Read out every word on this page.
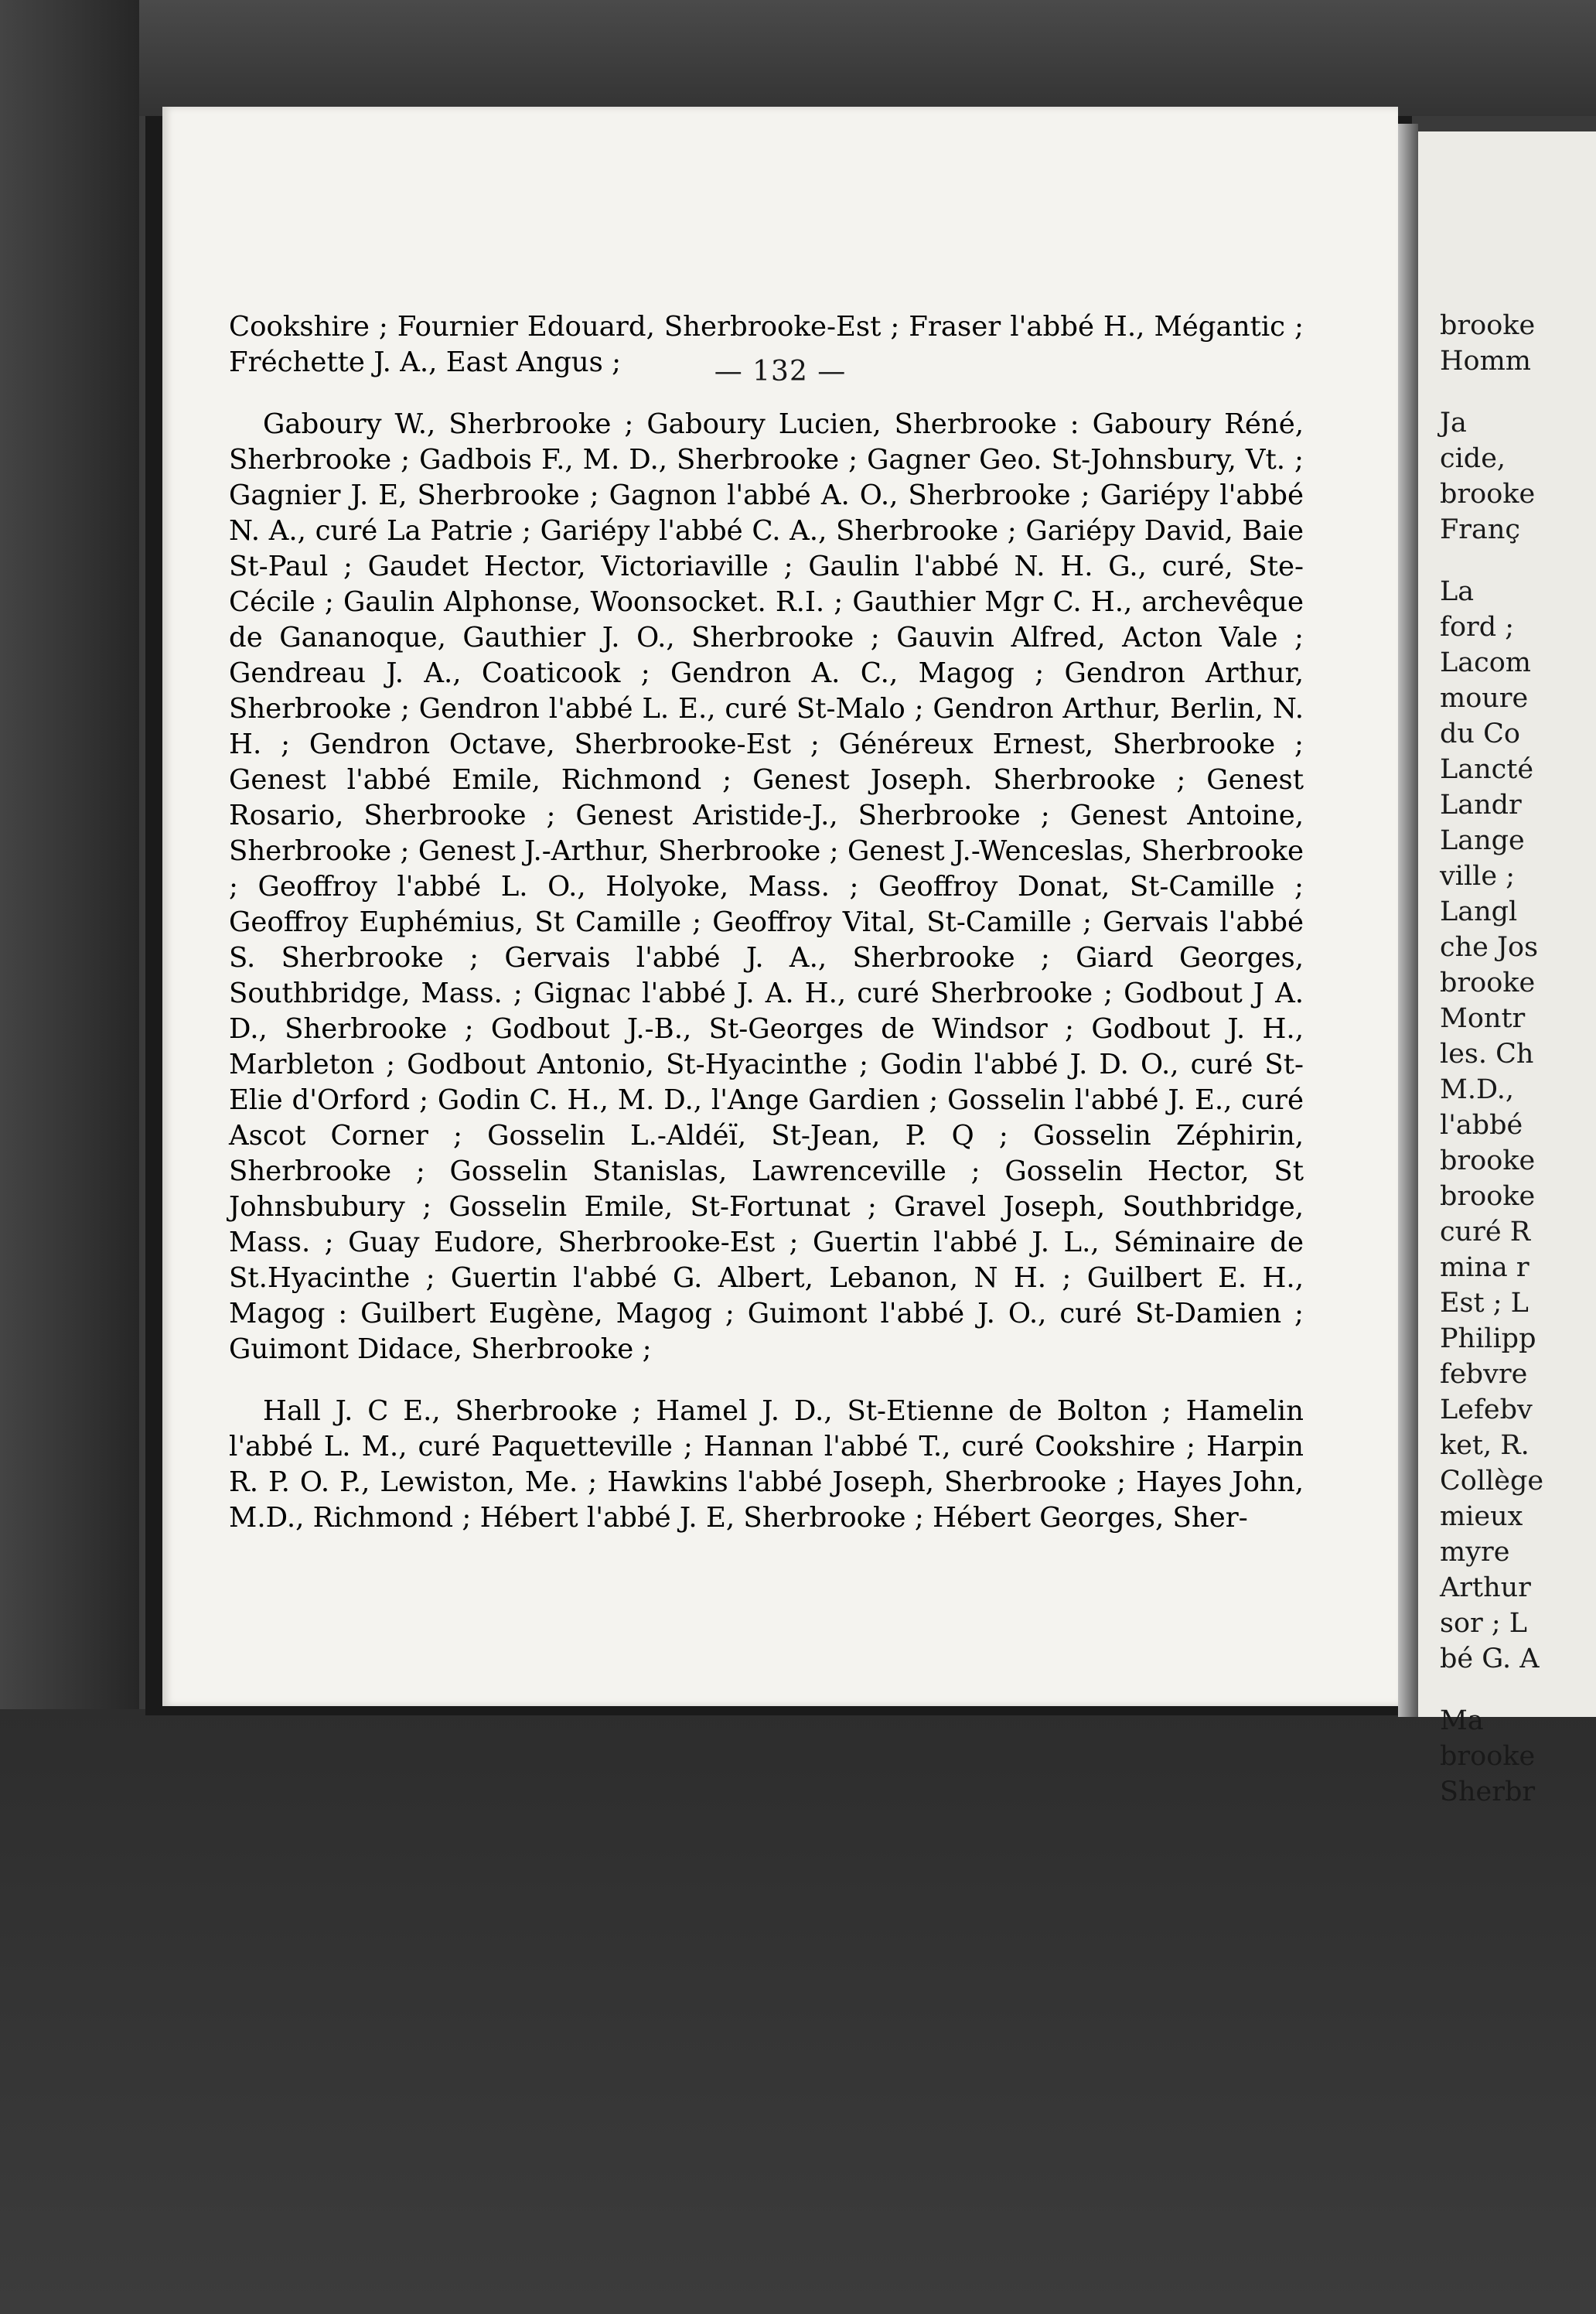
— 132 —

Cookshire ; Fournier Edouard, Sherbrooke-Est ; Fraser l'abbé H., Mégantic ; Fréchette J. A., East Angus ;

Gaboury W., Sherbrooke ; Gaboury Lucien, Sherbrooke : Gaboury Réné, Sherbrooke ; Gadbois F., M. D., Sherbrooke ; Gagner Geo. St-Johnsbury, Vt. ; Gagnier J. E, Sherbrooke ; Gagnon l'abbé A. O., Sherbrooke ; Gariépy l'abbé N. A., curé La Patrie ; Gariépy l'abbé C. A., Sherbrooke ; Gariépy David, Baie St-Paul ; Gaudet Hector, Victoriaville ; Gaulin l'abbé N. H. G., curé, Ste-Cécile ; Gaulin Alphonse, Woonsocket. R.I. ; Gauthier Mgr C. H., archevêque de Gananoque, Gauthier J. O., Sherbrooke ; Gauvin Alfred, Acton Vale ; Gendreau J. A., Coaticook ; Gendron A. C., Magog ; Gendron Arthur, Sherbrooke ; Gendron l'abbé L. E., curé St-Malo ; Gendron Arthur, Berlin, N. H. ; Gendron Octave, Sherbrooke-Est ; Généreux Ernest, Sherbrooke ; Genest l'abbé Emile, Richmond ; Genest Joseph. Sherbrooke ; Genest Rosario, Sherbrooke ; Genest Aristide-J., Sherbrooke ; Genest Antoine, Sherbrooke ; Genest J.-Arthur, Sherbrooke ; Genest J.-Wenceslas, Sherbrooke ; Geoffroy l'abbé L. O., Holyoke, Mass. ; Geoffroy Donat, St-Camille ; Geoffroy Euphémius, St Camille ; Geoffroy Vital, St-Camille ; Gervais l'abbé S. Sherbrooke ; Gervais l'abbé J. A., Sherbrooke ; Giard Georges, Southbridge, Mass. ; Gignac l'abbé J. A. H., curé Sherbrooke ; Godbout J A. D., Sherbrooke ; Godbout J.-B., St-Georges de Windsor ; Godbout J. H., Marbleton ; Godbout Antonio, St-Hyacinthe ; Godin l'abbé J. D. O., curé St-Elie d'Orford ; Godin C. H., M. D., l'Ange Gardien ; Gosselin l'abbé J. E., curé Ascot Corner ; Gosselin L.-Aldéï, St-Jean, P. Q ; Gosselin Zéphirin, Sherbrooke ; Gosselin Stanislas, Lawrenceville ; Gosselin Hector, St Johnsbubury ; Gosselin Emile, St-Fortunat ; Gravel Joseph, Southbridge, Mass. ; Guay Eudore, Sherbrooke-Est ; Guertin l'abbé J. L., Séminaire de St.Hyacinthe ; Guertin l'abbé G. Albert, Lebanon, N H. ; Guilbert E. H., Magog : Guilbert Eugène, Magog ; Guimont l'abbé J. O., curé St-Damien ; Guimont Didace, Sherbrooke ;

Hall J. C E., Sherbrooke ; Hamel J. D., St-Etienne de Bolton ; Hamelin l'abbé L. M., curé Paquetteville ; Hannan l'abbé T., curé Cookshire ; Harpin R. P. O. P., Lewiston, Me. ; Hawkins l'abbé Joseph, Sherbrooke ; Hayes John, M.D., Richmond ; Hébert l'abbé J. E, Sherbrooke ; Hébert Georges, Sher-

brooke
Homm
Ja
cide,
brooke
Franç
La
ford ;
Lacom
moure
du Co
Lancté
Landr
Lange
ville ;
Langl
che Jos
brooke
Montr
les. Ch
M.D.,
l'abbé
brooke
brooke
curé R
mina r
Est ; L
Philipp
febvre
Lefebv
ket, R.
Collège
mieux
myre
Arthur
sor ; L
bé G. A
Ma
brooke
Sherbr
